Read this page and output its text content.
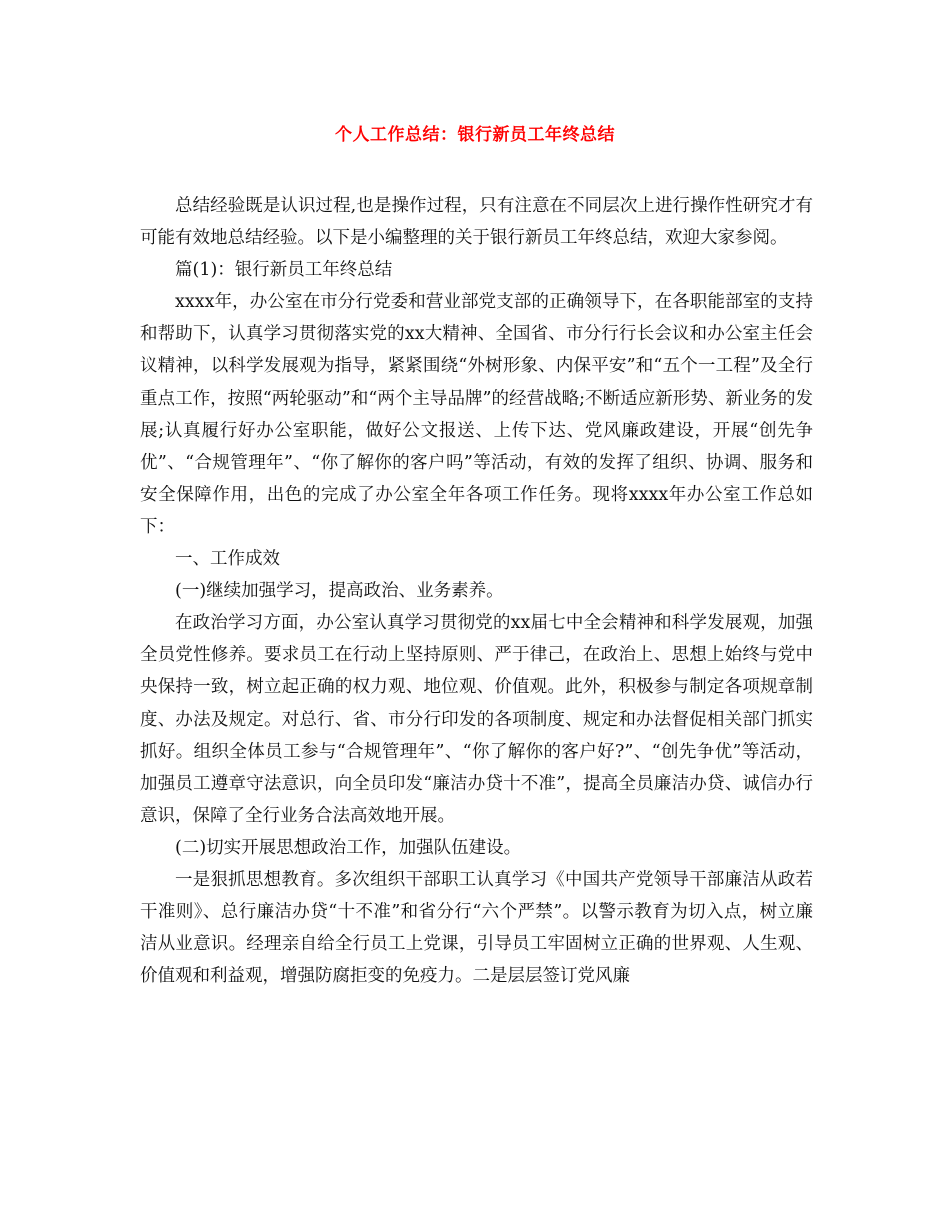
个人工作总结：银行新员工年终总结

总结经验既是认识过程,也是操作过程，只有注意在不同层次上进行操作性研究才有可能有效地总结经验。以下是小编整理的关于银行新员工年终总结，欢迎大家参阅。

篇(1)：银行新员工年终总结

xxxx年，办公室在市分行党委和营业部党支部的正确领导下，在各职能部室的支持和帮助下，认真学习贯彻落实党的xx大精神、全国省、市分行行长会议和办公室主任会议精神，以科学发展观为指导，紧紧围绕“外树形象、内保平安”和“五个一工程”及全行重点工作，按照“两轮驱动”和“两个主导品牌”的经营战略;不断适应新形势、新业务的发展;认真履行好办公室职能，做好公文报送、上传下达、党风廉政建设，开展“创先争优”、“合规管理年”、“你了解你的客户吗”等活动，有效的发挥了组织、协调、服务和安全保障作用，出色的完成了办公室全年各项工作任务。现将xxxx年办公室工作总如下：

一、工作成效

(一)继续加强学习，提高政治、业务素养。

在政治学习方面，办公室认真学习贯彻党的xx届七中全会精神和科学发展观，加强全员党性修养。要求员工在行动上坚持原则、严于律己，在政治上、思想上始终与党中央保持一致，树立起正确的权力观、地位观、价值观。此外，积极参与制定各项规章制度、办法及规定。对总行、省、市分行印发的各项制度、规定和办法督促相关部门抓实抓好。组织全体员工参与“合规管理年”、“你了解你的客户好?”、“创先争优”等活动，加强员工遵章守法意识，向全员印发“廉洁办贷十不准”，提高全员廉洁办贷、诚信办行意识，保障了全行业务合法高效地开展。

(二)切实开展思想政治工作，加强队伍建设。

一是狠抓思想教育。多次组织干部职工认真学习《中国共产党领导干部廉洁从政若干准则》、总行廉洁办贷“十不准”和省分行“六个严禁”。以警示教育为切入点，树立廉洁从业意识。经理亲自给全行员工上党课，引导员工牢固树立正确的世界观、人生观、价值观和利益观，增强防腐拒变的免疫力。二是层层签订党风廉
